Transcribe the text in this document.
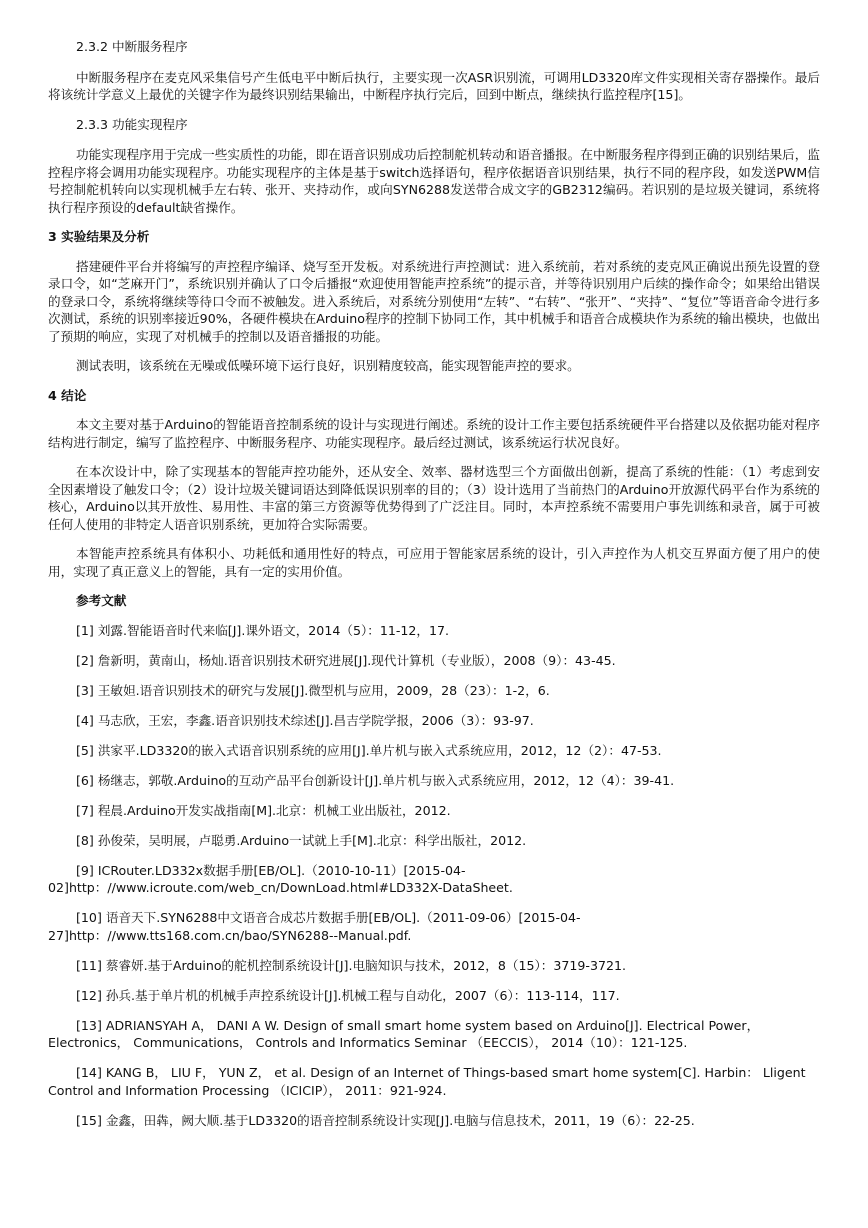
2.3.2 中断服务程序

中断服务程序在麦克风采集信号产生低电平中断后执行，主要实现一次ASR识别流，可调用LD3320库文件实现相关寄存器操作。最后将该统计学意义上最优的关键字作为最终识别结果输出，中断程序执行完后，回到中断点，继续执行监控程序[15]。

2.3.3 功能实现程序

功能实现程序用于完成一些实质性的功能，即在语音识别成功后控制舵机转动和语音播报。在中断服务程序得到正确的识别结果后，监控程序将会调用功能实现程序。功能实现程序的主体是基于switch选择语句，程序依据语音识别结果，执行不同的程序段，如发送PWM信号控制舵机转向以实现机械手左右转、张开、夹持动作，或向SYN6288发送带合成文字的GB2312编码。若识别的是垃圾关键词，系统将执行程序预设的default缺省操作。

3 实验结果及分析

搭建硬件平台并将编写的声控程序编译、烧写至开发板。对系统进行声控测试：进入系统前，若对系统的麦克风正确说出预先设置的登录口令，如“芝麻开门”，系统识别并确认了口令后播报“欢迎使用智能声控系统”的提示音，并等待识别用户后续的操作命令；如果给出错误的登录口令，系统将继续等待口令而不被触发。进入系统后，对系统分别使用“左转”、“右转”、“张开”、“夹持”、“复位”等语音命令进行多次测试，系统的识别率接近90%，各硬件模块在Arduino程序的控制下协同工作，其中机械手和语音合成模块作为系统的输出模块，也做出了预期的响应，实现了对机械手的控制以及语音播报的功能。

测试表明，该系统在无噪或低噪环境下运行良好，识别精度较高，能实现智能声控的要求。

4 结论

本文主要对基于Arduino的智能语音控制系统的设计与实现进行阐述。系统的设计工作主要包括系统硬件平台搭建以及依据功能对程序结构进行制定，编写了监控程序、中断服务程序、功能实现程序。最后经过测试，该系统运行状况良好。

在本次设计中，除了实现基本的智能声控功能外，还从安全、效率、器材选型三个方面做出创新，提高了系统的性能：（1）考虑到安全因素增设了触发口令；（2）设计垃圾关键词语达到降低误识别率的目的；（3）设计选用了当前热门的Arduino开放源代码平台作为系统的核心，Arduino以其开放性、易用性、丰富的第三方资源等优势得到了广泛注目。同时，本声控系统不需要用户事先训练和录音，属于可被任何人使用的非特定人语音识别系统，更加符合实际需要。

本智能声控系统具有体积小、功耗低和通用性好的特点，可应用于智能家居系统的设计，引入声控作为人机交互界面方便了用户的使用，实现了真正意义上的智能，具有一定的实用价值。

参考文献
[1] 刘露.智能语音时代来临[J].课外语文，2014（5）：11-12，17.
[2] 詹新明，黄南山，杨灿.语音识别技术研究进展[J].现代计算机（专业版），2008（9）：43-45.
[3] 王敏妲.语音识别技术的研究与发展[J].微型机与应用，2009，28（23）：1-2，6.
[4] 马志欣，王宏，李鑫.语音识别技术综述[J].昌吉学院学报，2006（3）：93-97.
[5] 洪家平.LD3320的嵌入式语音识别系统的应用[J].单片机与嵌入式系统应用，2012，12（2）：47-53.
[6] 杨继志，郭敬.Arduino的互动产品平台创新设计[J].单片机与嵌入式系统应用，2012，12（4）：39-41.
[7] 程晨.Arduino开发实战指南[M].北京：机械工业出版社，2012.
[8] 孙俊荣，吴明展，卢聪勇.Arduino一试就上手[M].北京：科学出版社，2012.
[9] ICRouter.LD332x数据手册[EB/OL].（2010-10-11）[2015-04-02]http：//www.icroute.com/web_cn/DownLoad.html#LD332X-DataSheet.
[10] 语音天下.SYN6288中文语音合成芯片数据手册[EB/OL].（2011-09-06）[2015-04-27]http：//www.tts168.com.cn/bao/SYN6288--Manual.pdf.
[11] 蔡睿妍.基于Arduino的舵机控制系统设计[J].电脑知识与技术，2012，8（15）：3719-3721.
[12] 孙兵.基于单片机的机械手声控系统设计[J].机械工程与自动化，2007（6）：113-114，117.
[13] ADRIANSYAH A， DANI A W. Design of small smart home system based on Arduino[J]. Electrical Power，Electronics， Communications， Controls and Informatics Seminar （EECCIS）， 2014（10）：121-125.
[14] KANG B， LIU F， YUN Z， et al. Design of an Internet of Things-based smart home system[C]. Harbin： Lligent Control and Information Processing （ICICIP）， 2011：921-924.
[15] 金鑫，田犇，阙大顺.基于LD3320的语音控制系统设计实现[J].电脑与信息技术，2011，19（6）：22-25.
